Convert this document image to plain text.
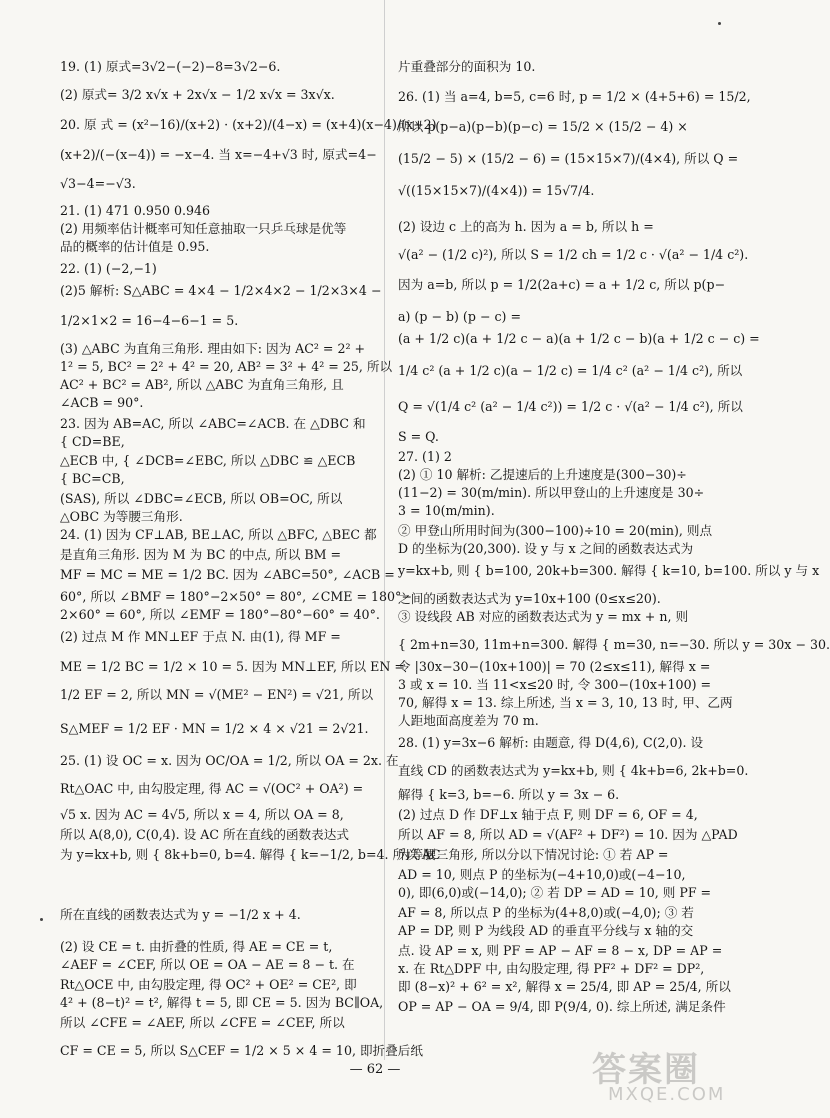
19. (1) 原式=3√2−(−2)−8=3√2−6.
(2) 原式= 3/2 x√x + 2x√x − 1/2 x√x = 3x√x.
20. 原 式 = (x²−16)/(x+2) · (x+2)/(4−x) = (x+4)(x−4)/(x+2) ·
(x+2)/(−(x−4)) = −x−4. 当 x=−4+√3 时, 原式=4−
√3−4=−√3.
21. (1) 471 0.950 0.946
(2) 用频率估计概率可知任意抽取一只乒乓球是优等
品的概率的估计值是 0.95.
22. (1) (−2,−1)
(2)5 解析: S△ABC = 4×4 − 1/2×4×2 − 1/2×3×4 −
1/2×1×2 = 16−4−6−1 = 5.
(3) △ABC 为直角三角形. 理由如下: 因为 AC² = 2² +
1² = 5, BC² = 2² + 4² = 20, AB² = 3² + 4² = 25, 所以
AC² + BC² = AB², 所以 △ABC 为直角三角形, 且
∠ACB = 90°.
23. 因为 AB=AC, 所以 ∠ABC=∠ACB. 在 △DBC 和
{ CD=BE,
△ECB 中, { ∠DCB=∠EBC, 所以 △DBC ≌ △ECB
{ BC=CB,
(SAS), 所以 ∠DBC=∠ECB, 所以 OB=OC, 所以
△OBC 为等腰三角形.
24. (1) 因为 CF⊥AB, BE⊥AC, 所以 △BFC, △BEC 都
是直角三角形. 因为 M 为 BC 的中点, 所以 BM =
MF = MC = ME = 1/2 BC. 因为 ∠ABC=50°, ∠ACB =
60°, 所以 ∠BMF = 180°−2×50° = 80°, ∠CME = 180°−
2×60° = 60°, 所以 ∠EMF = 180°−80°−60° = 40°.
(2) 过点 M 作 MN⊥EF 于点 N. 由(1), 得 MF =
ME = 1/2 BC = 1/2 × 10 = 5. 因为 MN⊥EF, 所以 EN =
1/2 EF = 2, 所以 MN = √(ME² − EN²) = √21, 所以
S△MEF = 1/2 EF · MN = 1/2 × 4 × √21 = 2√21.
25. (1) 设 OC = x. 因为 OC/OA = 1/2, 所以 OA = 2x. 在
Rt△OAC 中, 由勾股定理, 得 AC = √(OC² + OA²) =
√5 x. 因为 AC = 4√5, 所以 x = 4, 所以 OA = 8,
所以 A(8,0), C(0,4). 设 AC 所在直线的函数表达式
为 y=kx+b, 则 { 8k+b=0, b=4. 解得 { k=−1/2, b=4. 所以 AC
所在直线的函数表达式为 y = −1/2 x + 4.
(2) 设 CE = t. 由折叠的性质, 得 AE = CE = t,
∠AEF = ∠CEF, 所以 OE = OA − AE = 8 − t. 在
Rt△OCE 中, 由勾股定理, 得 OC² + OE² = CE², 即
4² + (8−t)² = t², 解得 t = 5, 即 CE = 5. 因为 BC∥OA,
所以 ∠CFE = ∠AEF, 所以 ∠CFE = ∠CEF, 所以
CF = CE = 5, 所以 S△CEF = 1/2 × 5 × 4 = 10, 即折叠后纸
片重叠部分的面积为 10.
26. (1) 当 a=4, b=5, c=6 时, p = 1/2 × (4+5+6) = 15/2,
所以 p(p−a)(p−b)(p−c) = 15/2 × (15/2 − 4) ×
(15/2 − 5) × (15/2 − 6) = (15×15×7)/(4×4), 所以 Q =
√((15×15×7)/(4×4)) = 15√7/4.
(2) 设边 c 上的高为 h. 因为 a = b, 所以 h =
√(a² − (1/2 c)²), 所以 S = 1/2 ch = 1/2 c · √(a² − 1/4 c²).
因为 a=b, 所以 p = 1/2(2a+c) = a + 1/2 c, 所以 p(p−
a) (p − b) (p − c) =
(a + 1/2 c)(a + 1/2 c − a)(a + 1/2 c − b)(a + 1/2 c − c) =
1/4 c² (a + 1/2 c)(a − 1/2 c) = 1/4 c² (a² − 1/4 c²), 所以
Q = √(1/4 c² (a² − 1/4 c²)) = 1/2 c · √(a² − 1/4 c²), 所以
S = Q.
27. (1) 2
(2) ① 10 解析: 乙提速后的上升速度是(300−30)÷
(11−2) = 30(m/min). 所以甲登山的上升速度是 30÷
3 = 10(m/min).
② 甲登山所用时间为(300−100)÷10 = 20(min), 则点
D 的坐标为(20,300). 设 y 与 x 之间的函数表达式为
y=kx+b, 则 { b=100, 20k+b=300. 解得 { k=10, b=100. 所以 y 与 x
之间的函数表达式为 y=10x+100 (0≤x≤20).
③ 设线段 AB 对应的函数表达式为 y = mx + n, 则
{ 2m+n=30, 11m+n=300. 解得 { m=30, n=−30. 所以 y = 30x − 30.
令 |30x−30−(10x+100)| = 70 (2≤x≤11), 解得 x =
3 或 x = 10. 当 11<x≤20 时, 令 300−(10x+100) =
70, 解得 x = 13. 综上所述, 当 x = 3, 10, 13 时, 甲、乙两
人距地面高度差为 70 m.
28. (1) y=3x−6 解析: 由题意, 得 D(4,6), C(2,0). 设
直线 CD 的函数表达式为 y=kx+b, 则 { 4k+b=6, 2k+b=0.
解得 { k=3, b=−6. 所以 y = 3x − 6.
(2) 过点 D 作 DF⊥x 轴于点 F, 则 DF = 6, OF = 4,
所以 AF = 8, 所以 AD = √(AF² + DF²) = 10. 因为 △PAD
为等腰三角形, 所以分以下情况讨论: ① 若 AP =
AD = 10, 则点 P 的坐标为(−4+10,0)或(−4−10,
0), 即(6,0)或(−14,0); ② 若 DP = AD = 10, 则 PF =
AF = 8, 所以点 P 的坐标为(4+8,0)或(−4,0); ③ 若
AP = DP, 则 P 为线段 AD 的垂直平分线与 x 轴的交
点. 设 AP = x, 则 PF = AP − AF = 8 − x, DP = AP =
x. 在 Rt△DPF 中, 由勾股定理, 得 PF² + DF² = DP²,
即 (8−x)² + 6² = x², 解得 x = 25/4, 即 AP = 25/4, 所以
OP = AP − OA = 9/4, 即 P(9/4, 0). 综上所述, 满足条件
— 62 —	答案圈
MXQE.COM
